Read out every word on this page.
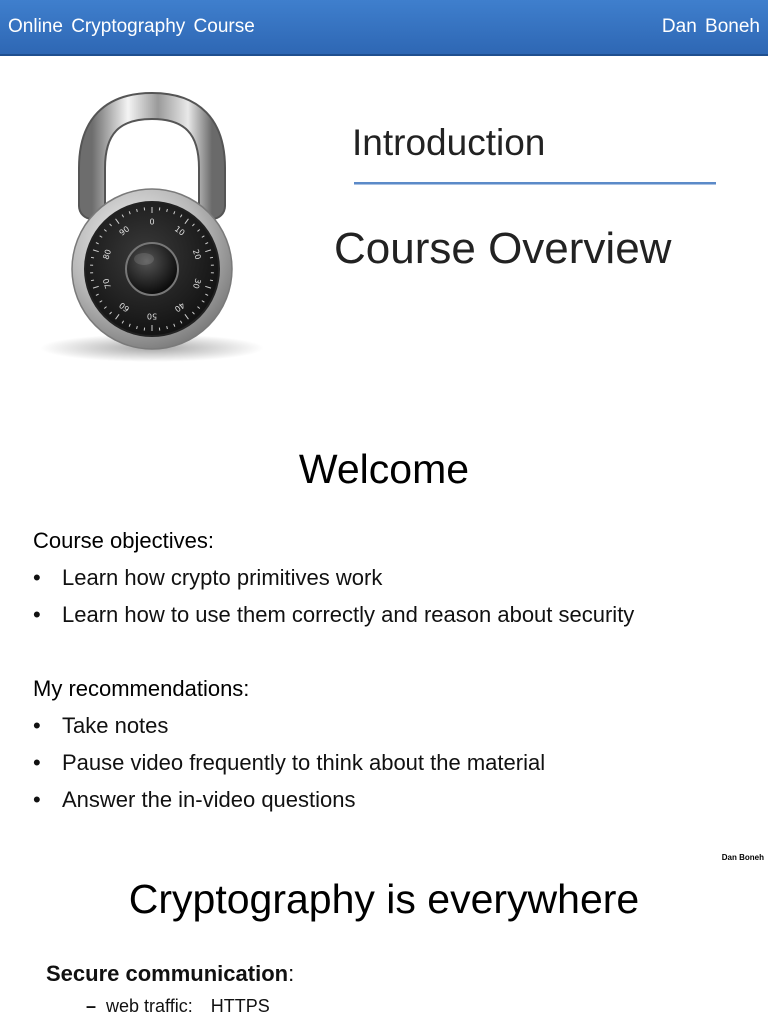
Online Cryptography Course	Dan Boneh
0
10
20
30
40
50
60
70
80
90
Introduction
Course Overview
Welcome
Course objectives:
• Learn how crypto primitives work
• Learn how to use them correctly and reason about security
My recommendations:
• Take notes
• Pause video frequently to think about the material
• Answer the in-video questions
Dan Boneh
Cryptography is everywhere
Secure communication:
– web traffic: HTTPS
